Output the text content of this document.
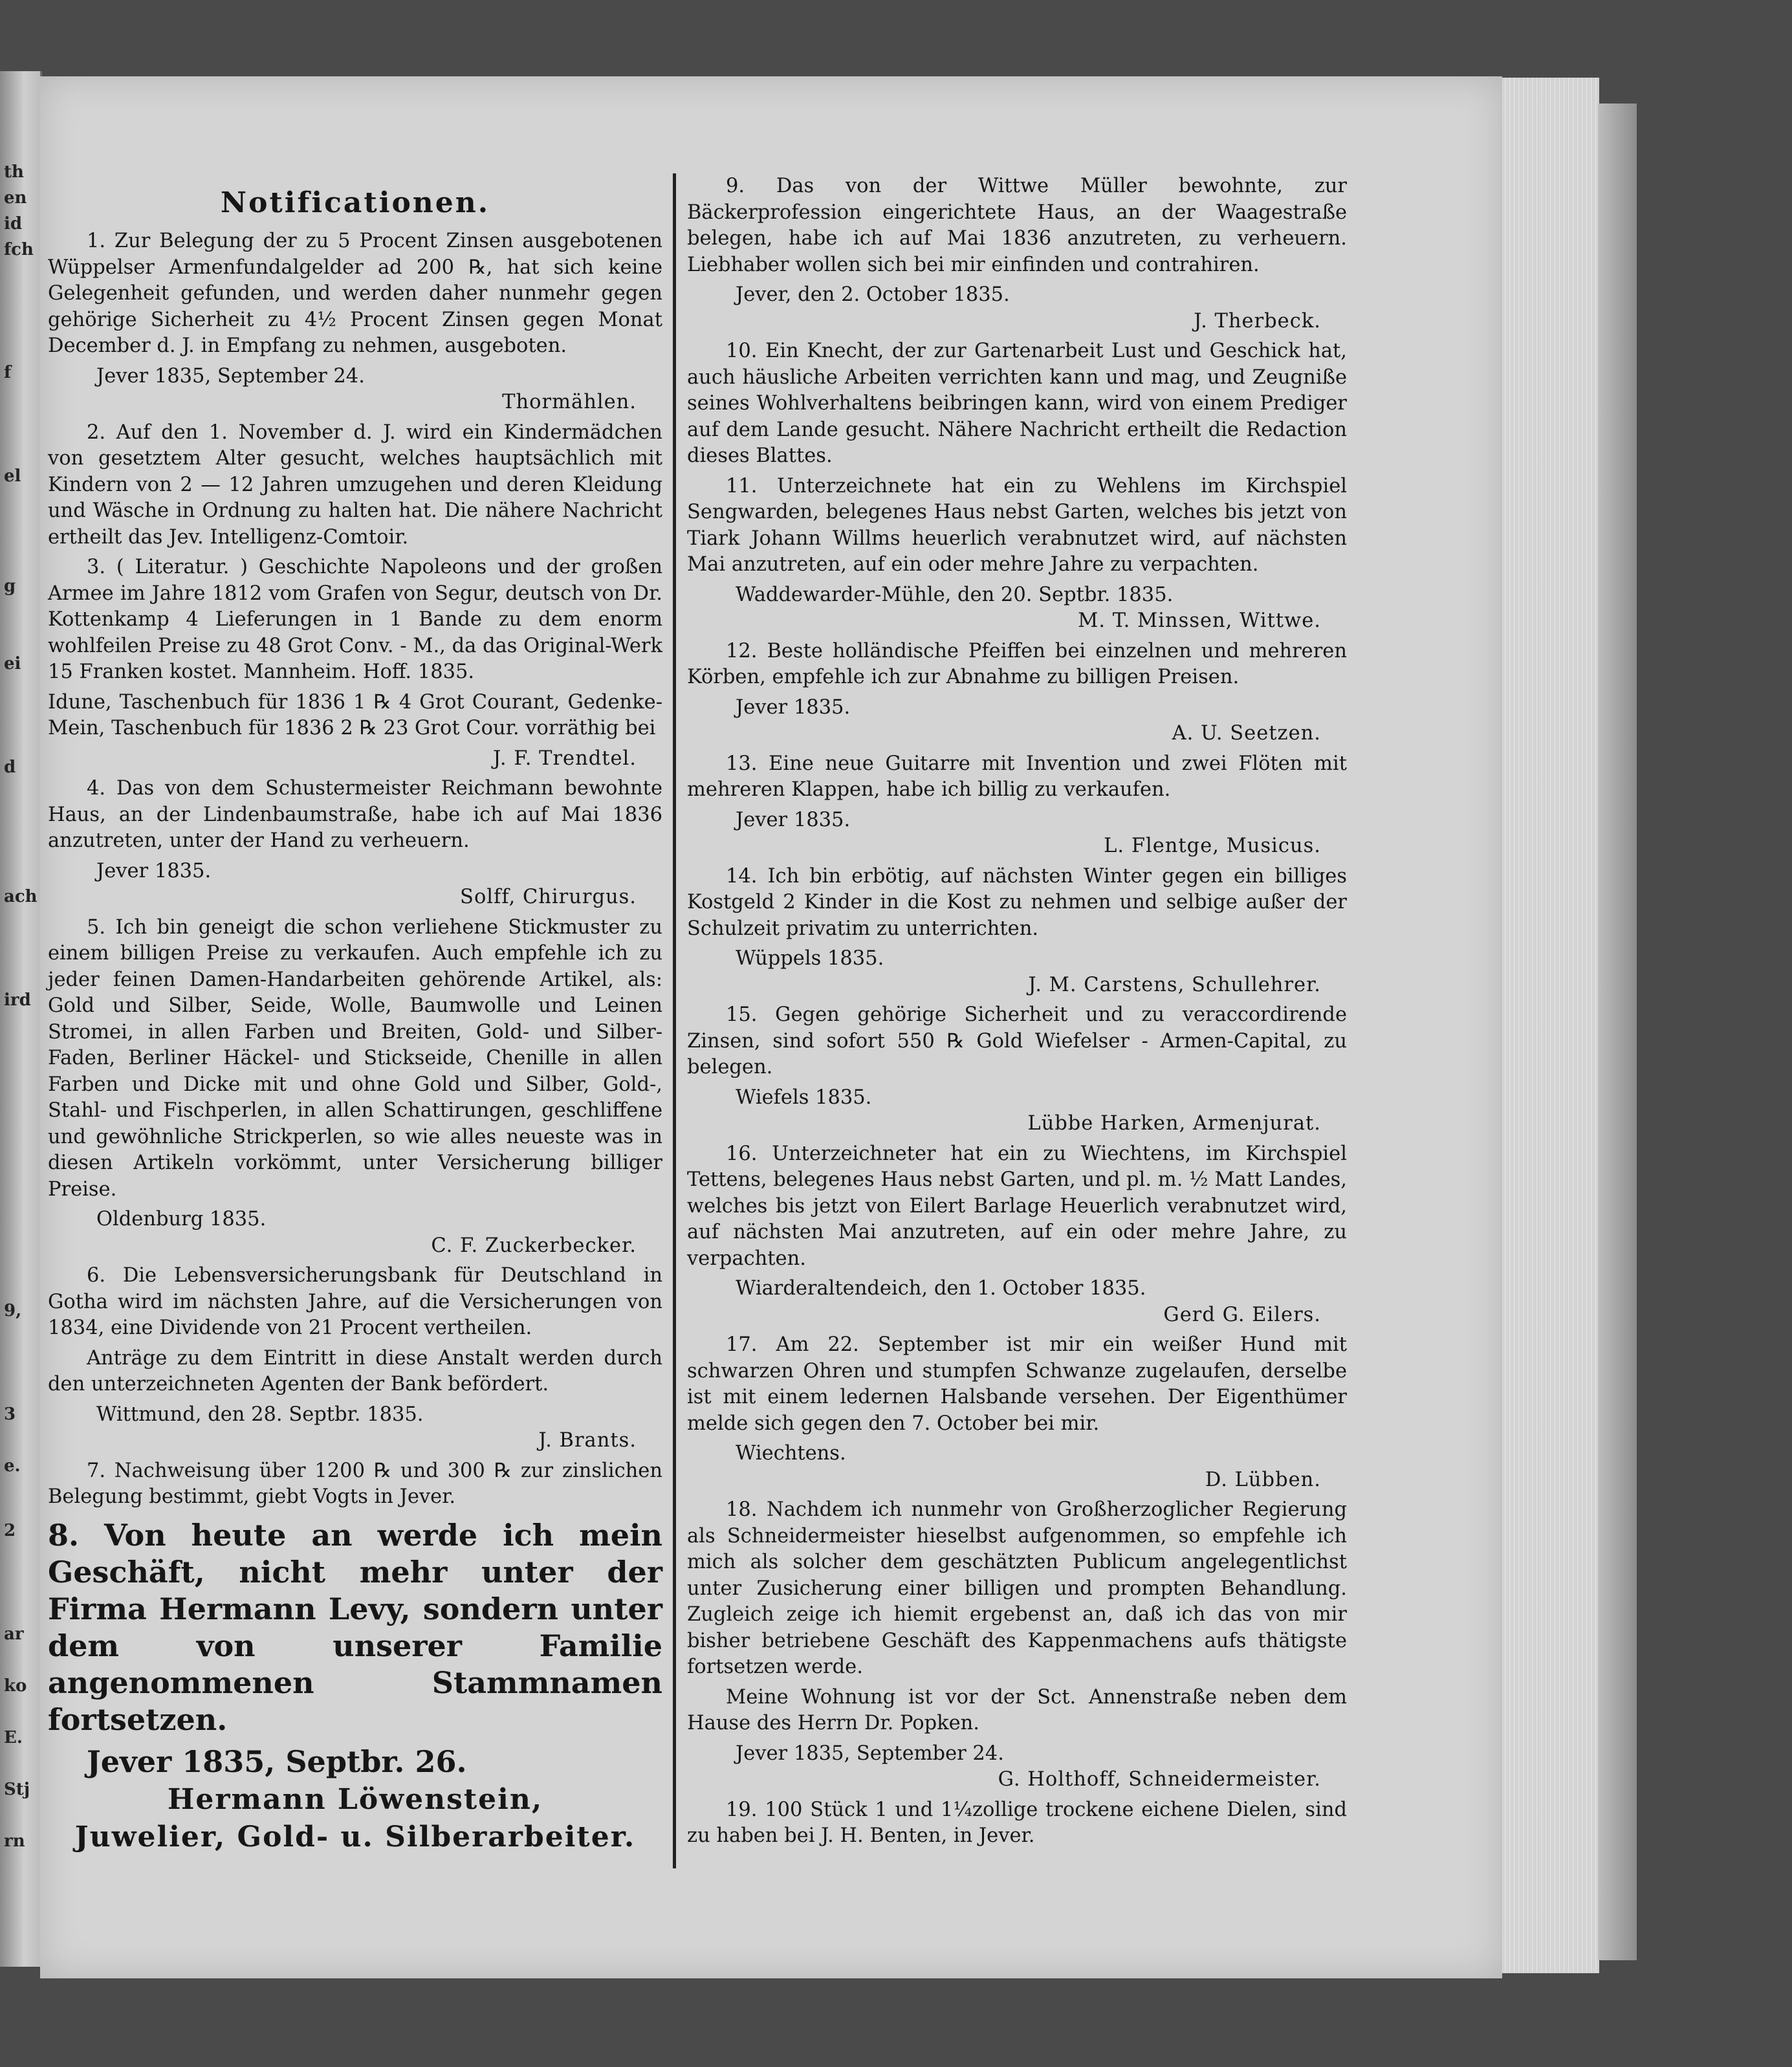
th
en
id
fch
f
el
g
ei
d
ach
ird
9,
3
e.
2
ar
ko
E.
Stj
rn
Notificationen.

1. Zur Belegung der zu 5 Procent Zinsen ausgebotenen Wüppelser Armenfundalgelder ad 200 ℞, hat sich keine Gelegenheit gefunden, und werden daher nunmehr gegen gehörige Sicherheit zu 4½ Procent Zinsen gegen Monat December d. J. in Empfang zu nehmen, ausgeboten.

Jever 1835, September 24.

Thormählen.

2. Auf den 1. November d. J. wird ein Kindermädchen von gesetztem Alter gesucht, welches hauptsächlich mit Kindern von 2 — 12 Jahren umzugehen und deren Kleidung und Wäsche in Ordnung zu halten hat. Die nähere Nachricht ertheilt das Jev. Intelligenz-Comtoir.

3. ( Literatur. ) Geschichte Napoleons und der großen Armee im Jahre 1812 vom Grafen von Segur, deutsch von Dr. Kottenkamp 4 Lieferungen in 1 Bande zu dem enorm wohlfeilen Preise zu 48 Grot Conv. - M., da das Original-Werk 15 Franken kostet. Mannheim. Hoff. 1835.

Idune, Taschenbuch für 1836 1 ℞ 4 Grot Courant, Gedenke-Mein, Taschenbuch für 1836 2 ℞ 23 Grot Cour. vorräthig bei

J. F. Trendtel.

4. Das von dem Schustermeister Reichmann bewohnte Haus, an der Lindenbaumstraße, habe ich auf Mai 1836 anzutreten, unter der Hand zu verheuern.

Jever 1835.

Solff, Chirurgus.

5. Ich bin geneigt die schon verliehene Stickmuster zu einem billigen Preise zu verkaufen. Auch empfehle ich zu jeder feinen Damen-Handarbeiten gehörende Artikel, als: Gold und Silber, Seide, Wolle, Baumwolle und Leinen Stromei, in allen Farben und Breiten, Gold- und Silber-Faden, Berliner Häckel- und Stickseide, Chenille in allen Farben und Dicke mit und ohne Gold und Silber, Gold-, Stahl- und Fischperlen, in allen Schattirungen, geschliffene und gewöhnliche Strickperlen, so wie alles neueste was in diesen Artikeln vorkömmt, unter Versicherung billiger Preise.

Oldenburg 1835.

C. F. Zuckerbecker.

6. Die Lebensversicherungsbank für Deutschland in Gotha wird im nächsten Jahre, auf die Versicherungen von 1834, eine Dividende von 21 Procent vertheilen.

Anträge zu dem Eintritt in diese Anstalt werden durch den unterzeichneten Agenten der Bank befördert.

Wittmund, den 28. Septbr. 1835.

J. Brants.

7. Nachweisung über 1200 ℞ und 300 ℞ zur zinslichen Belegung bestimmt, giebt Vogts in Jever.

8. Von heute an werde ich mein Geschäft, nicht mehr unter der Firma Hermann Levy, sondern unter dem von unserer Familie angenommenen Stammnamen fortsetzen.

Jever 1835, Septbr. 26.

Hermann Löwenstein,

Juwelier, Gold- u. Silberarbeiter.

9. Das von der Wittwe Müller bewohnte, zur Bäckerprofession eingerichtete Haus, an der Waagestraße belegen, habe ich auf Mai 1836 anzutreten, zu verheuern. Liebhaber wollen sich bei mir einfinden und contrahiren.

Jever, den 2. October 1835.

J. Therbeck.

10. Ein Knecht, der zur Gartenarbeit Lust und Geschick hat, auch häusliche Arbeiten verrichten kann und mag, und Zeugniße seines Wohlverhaltens beibringen kann, wird von einem Prediger auf dem Lande gesucht. Nähere Nachricht ertheilt die Redaction dieses Blattes.

11. Unterzeichnete hat ein zu Wehlens im Kirchspiel Sengwarden, belegenes Haus nebst Garten, welches bis jetzt von Tiark Johann Willms heuerlich verabnutzet wird, auf nächsten Mai anzutreten, auf ein oder mehre Jahre zu verpachten.

Waddewarder-Mühle, den 20. Septbr. 1835.

M. T. Minssen, Wittwe.

12. Beste holländische Pfeiffen bei einzelnen und mehreren Körben, empfehle ich zur Abnahme zu billigen Preisen.

Jever 1835.

A. U. Seetzen.

13. Eine neue Guitarre mit Invention und zwei Flöten mit mehreren Klappen, habe ich billig zu verkaufen.

Jever 1835.

L. Flentge, Musicus.

14. Ich bin erbötig, auf nächsten Winter gegen ein billiges Kostgeld 2 Kinder in die Kost zu nehmen und selbige außer der Schulzeit privatim zu unterrichten.

Wüppels 1835.

J. M. Carstens, Schullehrer.

15. Gegen gehörige Sicherheit und zu veraccordirende Zinsen, sind sofort 550 ℞ Gold Wiefelser - Armen-Capital, zu belegen.

Wiefels 1835.

Lübbe Harken, Armenjurat.

16. Unterzeichneter hat ein zu Wiechtens, im Kirchspiel Tettens, belegenes Haus nebst Garten, und pl. m. ½ Matt Landes, welches bis jetzt von Eilert Barlage Heuerlich verabnutzet wird, auf nächsten Mai anzutreten, auf ein oder mehre Jahre, zu verpachten.

Wiarderaltendeich, den 1. October 1835.

Gerd G. Eilers.

17. Am 22. September ist mir ein weißer Hund mit schwarzen Ohren und stumpfen Schwanze zugelaufen, derselbe ist mit einem ledernen Halsbande versehen. Der Eigenthümer melde sich gegen den 7. October bei mir.

Wiechtens.

D. Lübben.

18. Nachdem ich nunmehr von Großherzoglicher Regierung als Schneidermeister hieselbst aufgenommen, so empfehle ich mich als solcher dem geschätzten Publicum angelegentlichst unter Zusicherung einer billigen und prompten Behandlung. Zugleich zeige ich hiemit ergebenst an, daß ich das von mir bisher betriebene Geschäft des Kappenmachens aufs thätigste fortsetzen werde.

Meine Wohnung ist vor der Sct. Annenstraße neben dem Hause des Herrn Dr. Popken.

Jever 1835, September 24.

G. Holthoff, Schneidermeister.

19. 100 Stück 1 und 1¼zollige trockene eichene Dielen, sind zu haben bei J. H. Benten, in Jever.
